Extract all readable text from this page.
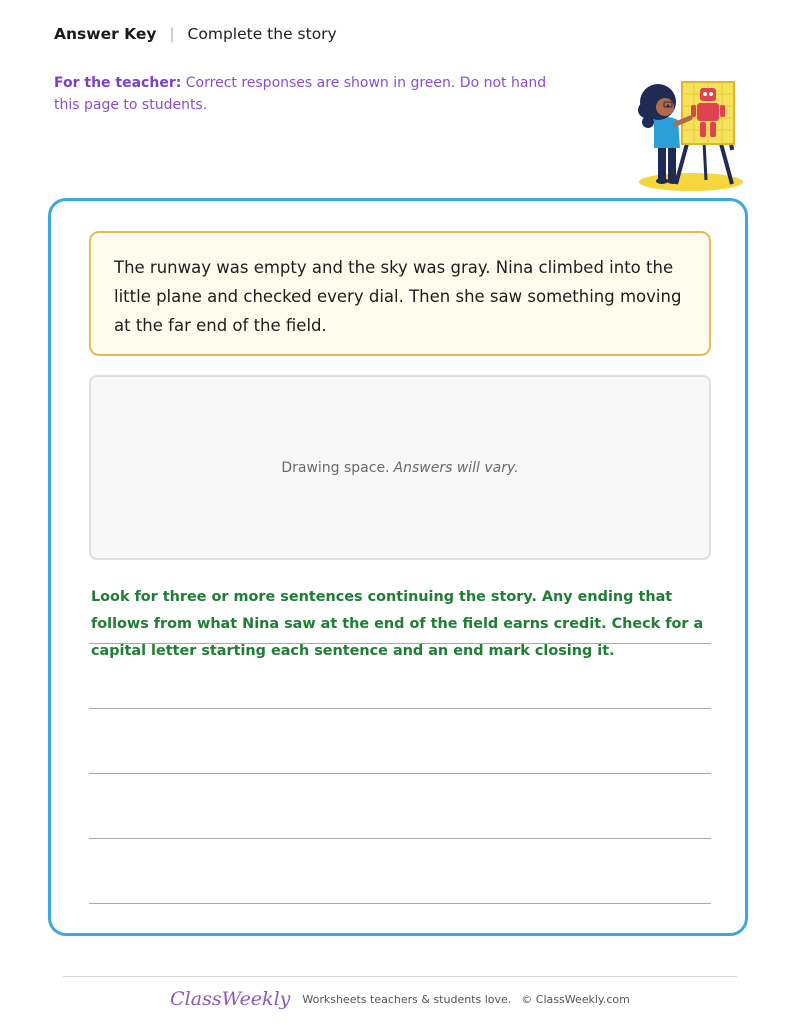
Answer Key | Complete the story
For the teacher: Correct responses are shown in green. Do not hand this page to students.
The runway was empty and the sky was gray. Nina climbed into the little plane and checked every dial. Then she saw something moving at the far end of the field.
Drawing space. Answers will vary.
Look for three or more sentences continuing the story. Any ending that follows from what Nina saw at the end of the field earns credit. Check for a capital letter starting each sentence and an end mark closing it.
ClassWeekly Worksheets teachers & students love. © ClassWeekly.com
